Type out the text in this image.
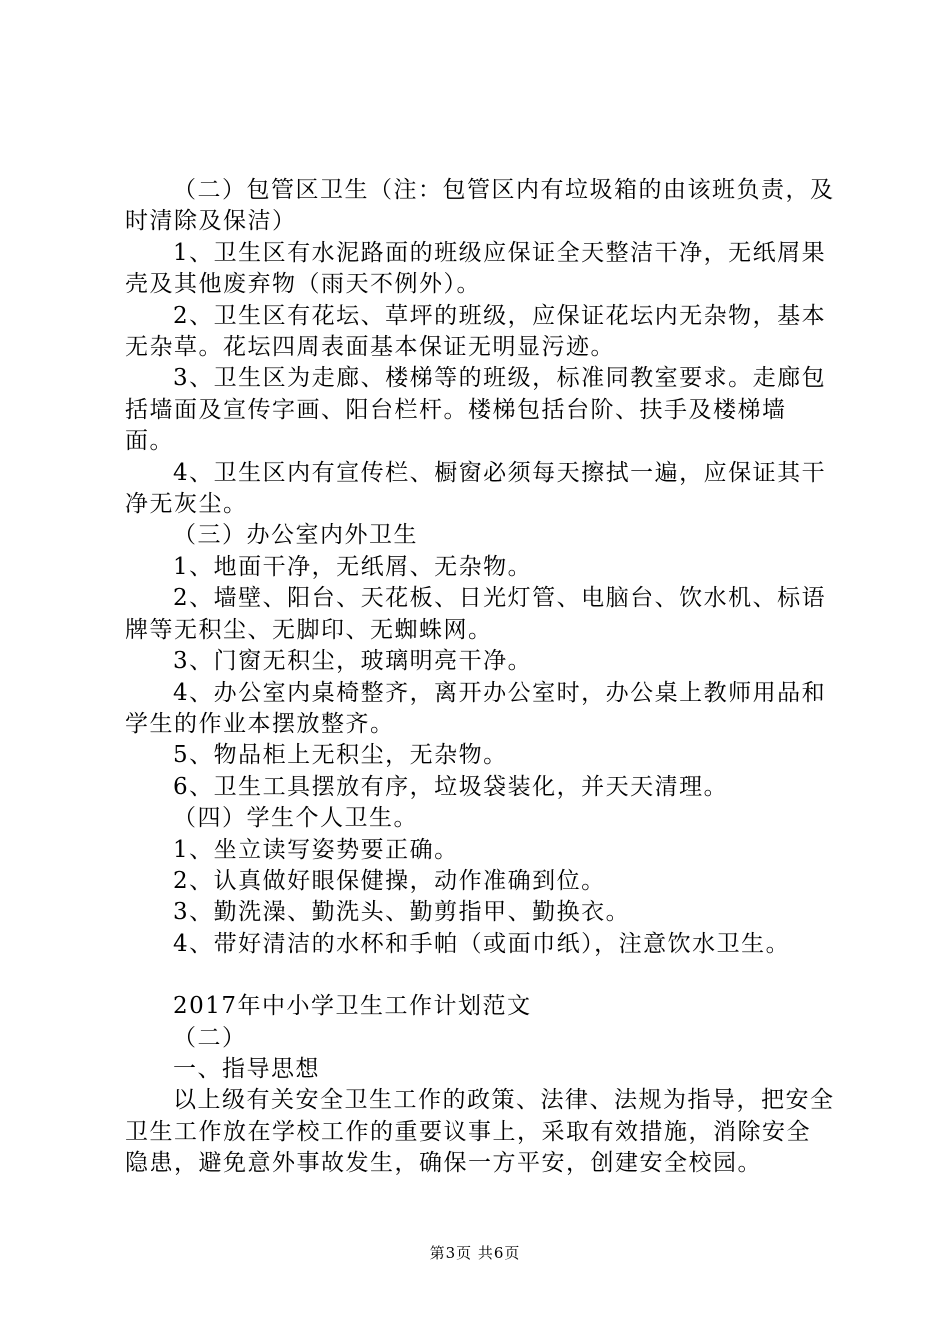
（二）包管区卫生（注：包管区内有垃圾箱的由该班负责，及时清除及保洁）

1、卫生区有水泥路面的班级应保证全天整洁干净，无纸屑果壳及其他废弃物（雨天不例外）。

2、卫生区有花坛、草坪的班级，应保证花坛内无杂物，基本无杂草。花坛四周表面基本保证无明显污迹。

3、卫生区为走廊、楼梯等的班级，标准同教室要求。走廊包括墙面及宣传字画、阳台栏杆。楼梯包括台阶、扶手及楼梯墙面。

4、卫生区内有宣传栏、橱窗必须每天擦拭一遍，应保证其干净无灰尘。

（三）办公室内外卫生

1、地面干净，无纸屑、无杂物。

2、墙壁、阳台、天花板、日光灯管、电脑台、饮水机、标语牌等无积尘、无脚印、无蜘蛛网。

3、门窗无积尘，玻璃明亮干净。

4、办公室内桌椅整齐，离开办公室时，办公桌上教师用品和学生的作业本摆放整齐。

5、物品柜上无积尘，无杂物。

6、卫生工具摆放有序，垃圾袋装化，并天天清理。

（四）学生个人卫生。

1、坐立读写姿势要正确。

2、认真做好眼保健操，动作准确到位。

3、勤洗澡、勤洗头、勤剪指甲、勤换衣。

4、带好清洁的水杯和手帕（或面巾纸），注意饮水卫生。

2017年中小学卫生工作计划范文

（二）

一、指导思想

以上级有关安全卫生工作的政策、法律、法规为指导，把安全卫生工作放在学校工作的重要议事上，采取有效措施，消除安全隐患，避免意外事故发生，确保一方平安，创建安全校园。

第3页 共6页
